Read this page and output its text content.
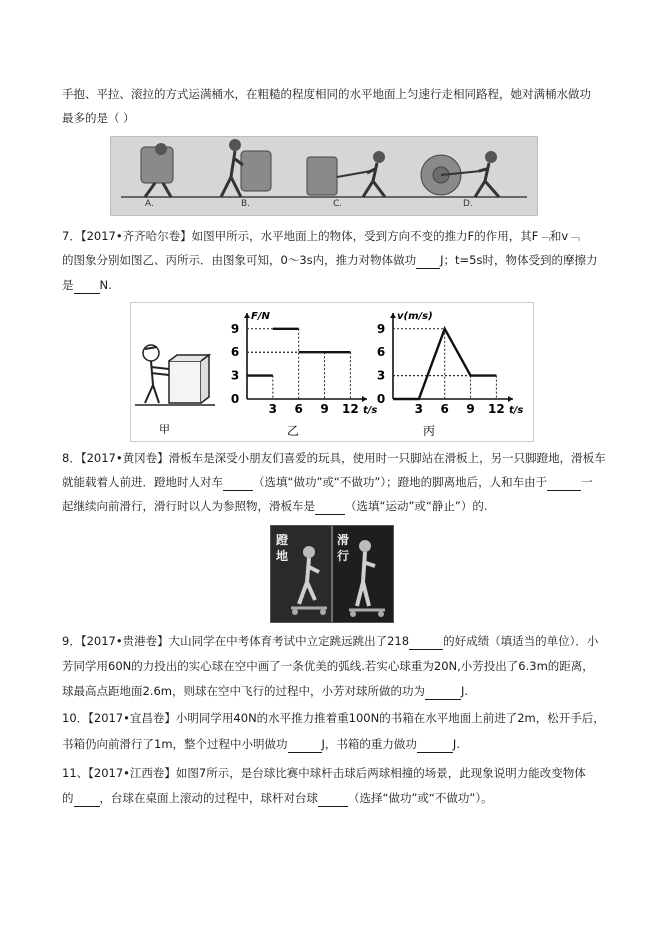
手抱、平拉、滚拉的方式运满桶水，在粗糙的程度相同的水平地面上匀速行走相同路程，她对满桶水做功
最多的是（ ）
A.	B.	C.	D.
7．【2017•齐齐哈尔卷】如图甲所示，水平地面上的物体，受到方向不变的推力F的作用，其F﹁和v﹁
的图象分别如图乙、丙所示．由图象可知，0～3s内，推力对物体做功 J；t=5s时，物体受到的摩擦力
是 N.
甲	乙	丙
F/N
t/s
9
6
3
0
3 6 9 12
v(m/s)
t/s
9
6
3
0
3 6 9 12
8．【2017•黄冈卷】滑板车是深受小朋友们喜爱的玩具，使用时一只脚站在滑板上，另一只脚蹬地，滑板车
就能载着人前进．蹬地时人对车	（选填“做功”或“不做功”）；蹬地的脚离地后，人和车由于	一
起继续向前滑行，滑行时以人为参照物，滑板车是	（选填“运动”或“静止”）的.
蹬
地
滑
行
9．【2017•贵港卷】大山同学在中考体育考试中立定跳远跳出了218	的好成绩（填适当的单位）．小
芳同学用60N的力投出的实心球在空中画了一条优美的弧线.若实心球重为20N,小芳投出了6.3m的距离，
球最高点距地面2.6m，则球在空中飞行的过程中，小芳对球所做的功为	J.
10．【2017•宜昌卷】小明同学用40N的水平推力推着重100N的书箱在水平地面上前进了2m，松开手后，
书箱仍向前滑行了1m，整个过程中小明做功	J，书箱的重力做功	J.
11、【2017•江西卷】如图7所示，是台球比赛中球杆击球后两球相撞的场景，此现象说明力能改变物体
的 ，台球在桌面上滚动的过程中，球杆对台球	（选择“做功”或“不做功”）。
